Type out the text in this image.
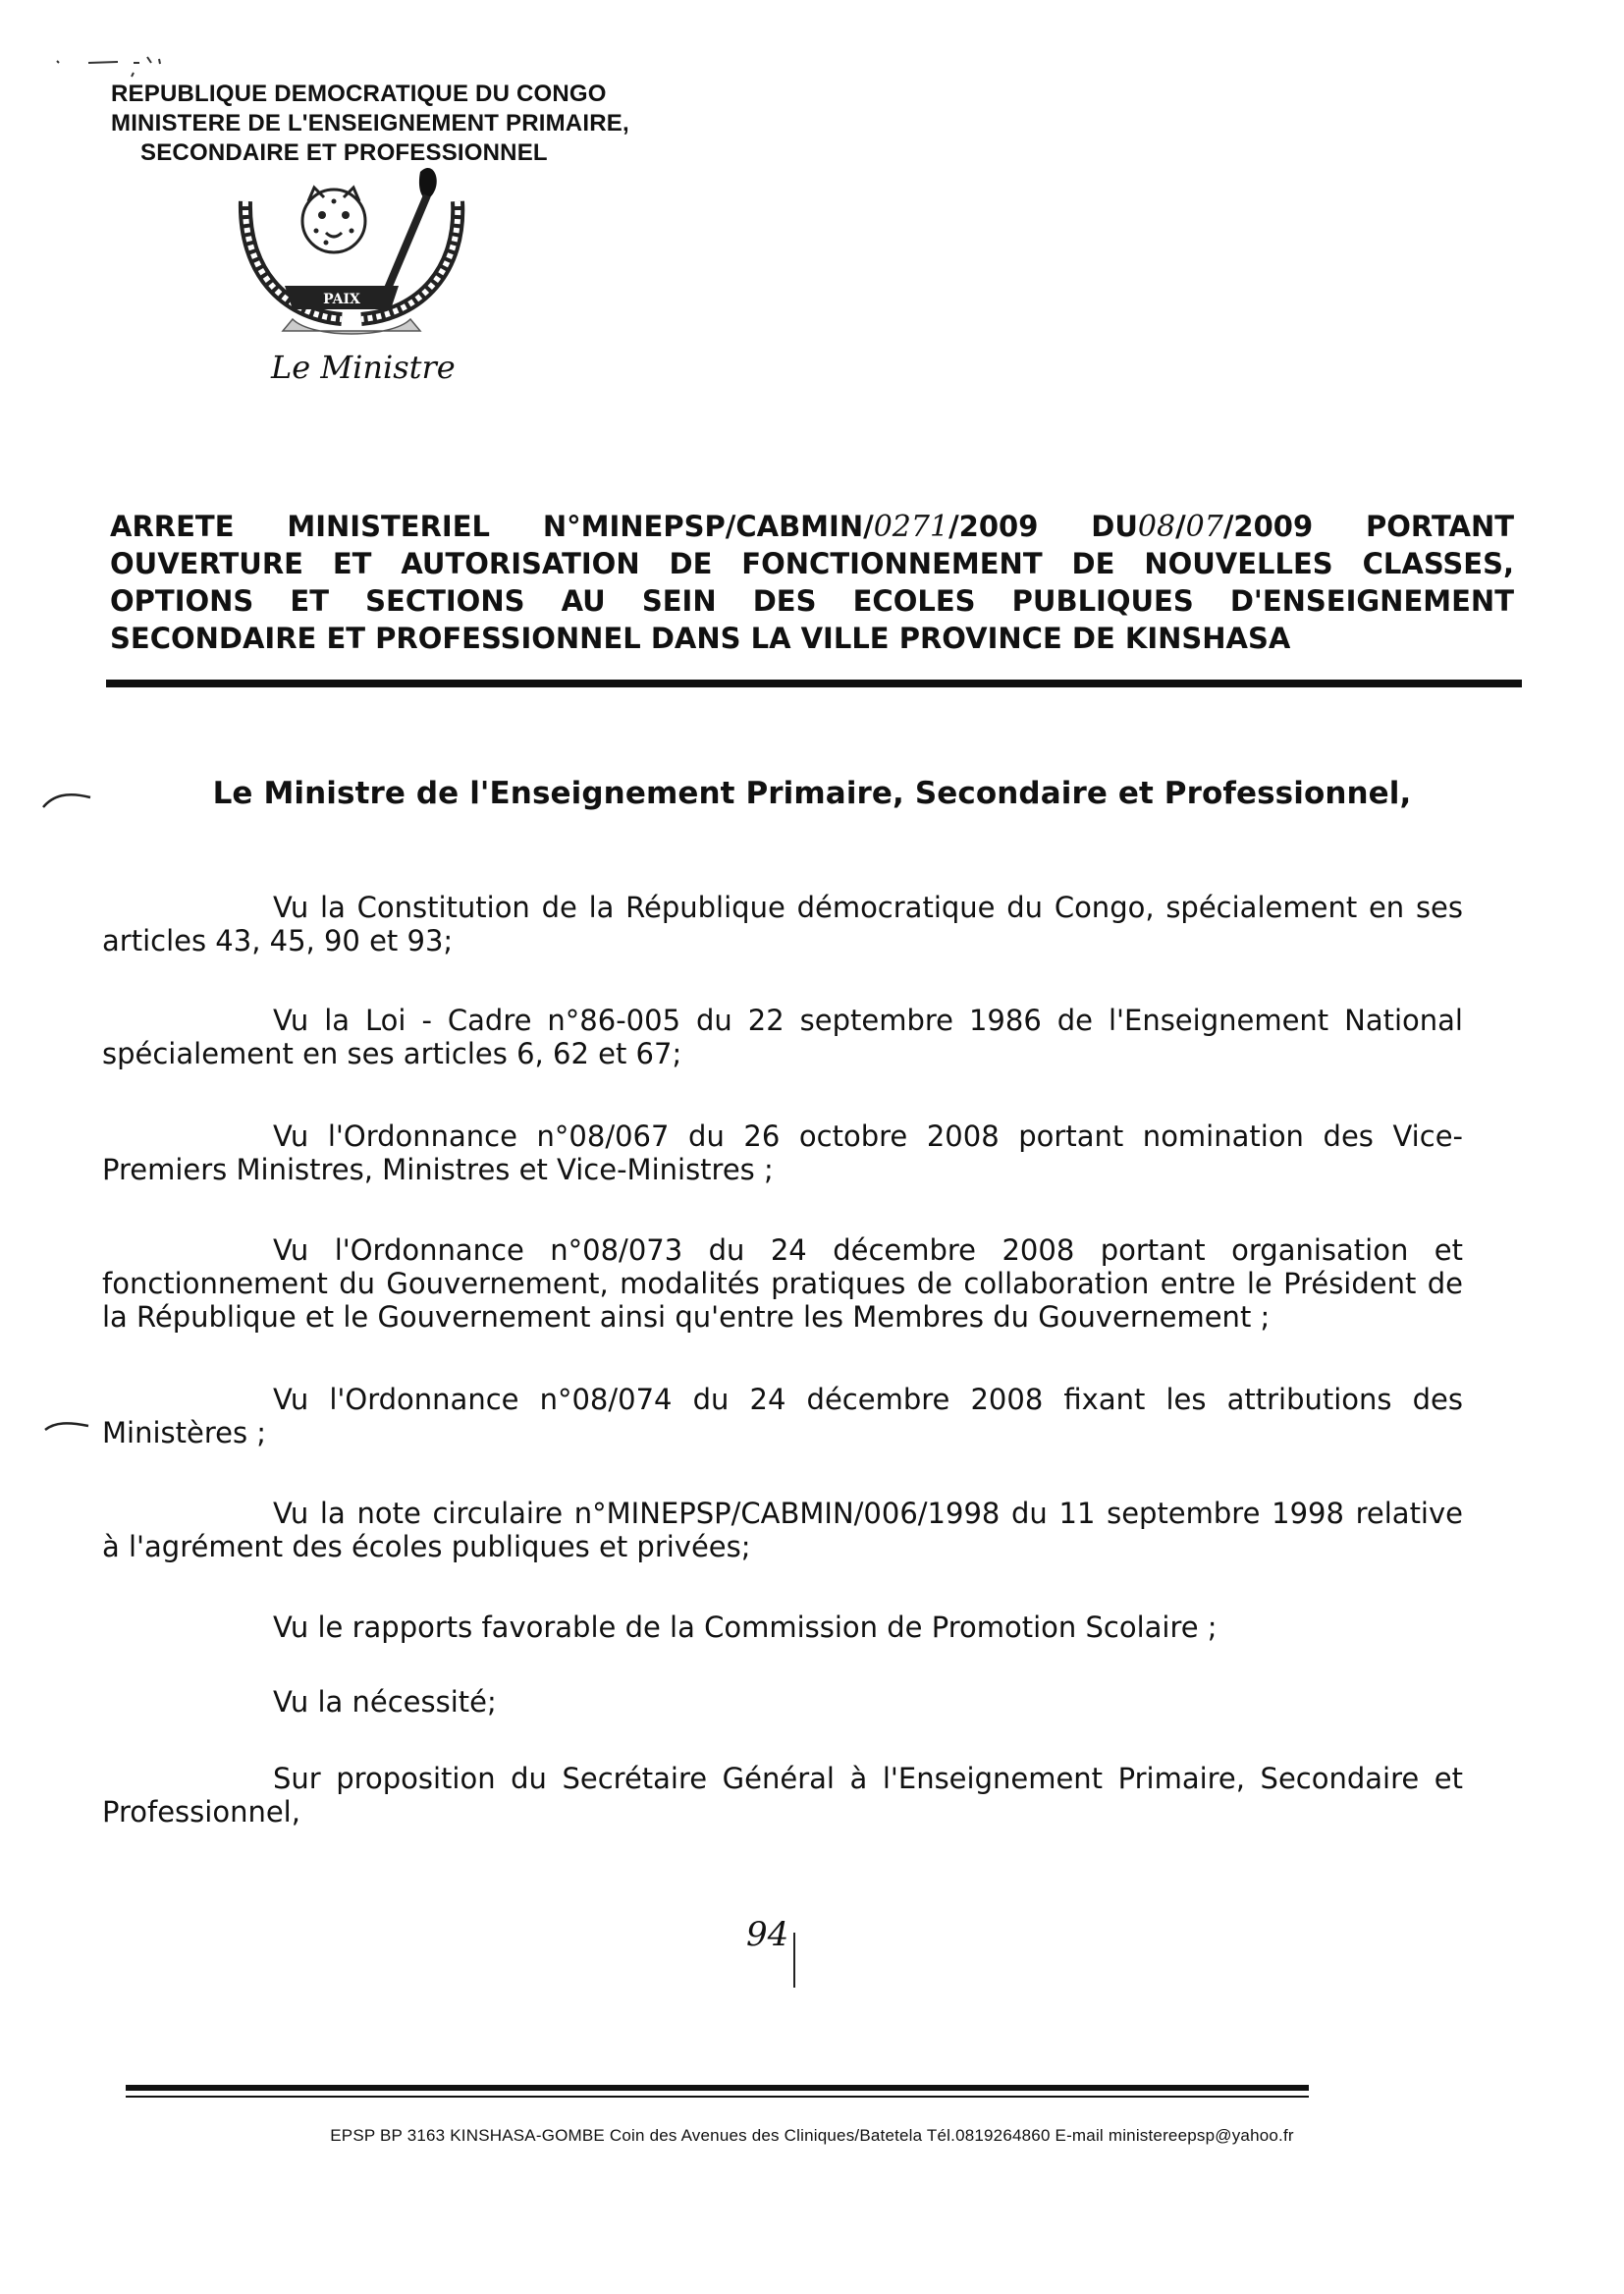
REPUBLIQUE DEMOCRATIQUE DU CONGO
MINISTERE DE L'ENSEIGNEMENT PRIMAIRE,
SECONDAIRE ET PROFESSIONNEL
PAIX
Le Ministre
ARRETE MINISTERIEL N°MINEPSP/CABMIN/0271/2009 DU08/07/2009 PORTANT
OUVERTURE ET AUTORISATION DE FONCTIONNEMENT DE NOUVELLES CLASSES,
OPTIONS ET SECTIONS AU SEIN DES ECOLES PUBLIQUES D'ENSEIGNEMENT
SECONDAIRE ET PROFESSIONNEL DANS LA VILLE PROVINCE DE KINSHASA
Le Ministre de l'Enseignement Primaire, Secondaire et Professionnel,
Vu la Constitution de la République démocratique du Congo, spécialement en ses articles 43, 45, 90 et 93;
Vu la Loi - Cadre n°86-005 du 22 septembre 1986 de l'Enseignement National spécialement en ses articles 6, 62 et 67;
Vu l'Ordonnance n°08/067 du 26 octobre 2008 portant nomination des Vice-Premiers Ministres, Ministres et Vice-Ministres ;
Vu l'Ordonnance n°08/073 du 24 décembre 2008 portant organisation et fonctionnement du Gouvernement, modalités pratiques de collaboration entre le Président de la République et le Gouvernement ainsi qu'entre les Membres du Gouvernement ;
Vu l'Ordonnance n°08/074 du 24 décembre 2008 fixant les attributions des Ministères ;
Vu la note circulaire n°MINEPSP/CABMIN/006/1998 du 11 septembre 1998 relative à l'agrément des écoles publiques et privées;
Vu le rapports favorable de la Commission de Promotion Scolaire ;
Vu la nécessité;
Sur proposition du Secrétaire Général à l'Enseignement Primaire, Secondaire et Professionnel,
94
EPSP BP 3163 KINSHASA-GOMBE Coin des Avenues des Cliniques/Batetela Tél.0819264860 E-mail ministereepsp@yahoo.fr
